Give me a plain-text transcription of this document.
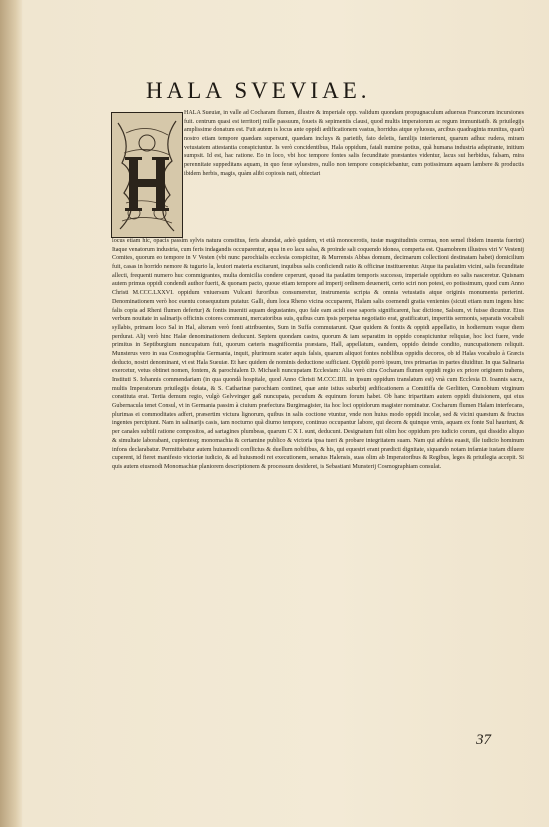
HALA SVEVIAE.

HALA Sueuiæ, in valle ad Cocharam flumen, illustre & imperiale opp. validum quondam propugnaculum aduersus Francorum incursiones fuit. centrum quasi est territorij mille passuum, foueis & sepimentis clausi, quod multis imperatorum ac regum immunitatib. & priuilegijs amplissime donatum est. Fuit autem is locus ante oppidi ædificationem vastus, horridus atque syluosus, arcibus quadraginta munitus, quarũ nostro etiam tempore quædam supersunt, quædam incluys & parietib, fato deletis, familijs interierunt, quarum adhuc rudera, miram vetustatem attestantia conspiciuntur. Is verò concidentibus, Hala oppidum, fatali numine potius, quã humana industria adspirante, initium sumpsit. Id est, hac ratione. Eo in loco, vbi hoc tempore fontes salis fecunditate præstantes videntur, lacus sui herbidus, falsam, mira perennitate suppeditans aquam, in quo feræ syluestres, nullo non tempore conspiciebantur, cum potissimum aquam lambere & productis ibidem herbis, magis, quàm alibi copiosis nati, obiectari

locus etiam hic, opacis passim sylvis natura constitus, feris abundat, adeò quidem, vt etiã monocerotis, iustæ magnitudinis cornua, non semel ibidem inuenta fuerint) Itaque venatorum industria, cum feris indagandis occuparentur, aqua in eo lacu salsa, & proinde sali coquendo idonea, comperta est. Quamobrem illustres viri V Vestenij Comites, quorum eo tempore in V Vesten (vbi nunc parochialis ecclesia conspicitur, & Murrensis Abbas domum, decimarum collectioni destinatam habet) domicilium fuit, casas in horrido nemore & tugurio la, leuiori materia excitarunt, inquibus salis conficiendi ratio & officinæ instituerentur. Atque ita paulatim vicini, salis fecunditate allecti, frequenti numero huc commigrantes, multa domicilia condere ceperunt, quoad ita paulatim temporis successu, imperiale oppidum eo salis nasceretur. Quisnam autem primus oppidi condendi author fuerit, & quonam pacto, quoue etiam tempore ad imperij ordinem deuenerit, certo sciri non potest, eo potissimum, quod cum Anno Christi M.CCC.LXXVI. oppidum vniuersum Vulcani furoribus consumeretur, instrumenta scripta & omnia vetustatis atque originis monumenta perierint. Denominationem verò hoc euentu consequutum putatur. Galli, dum loca Rheno vicina occuparent, Halam salis coemendi gratia venientes (sicuti etiam num ingens hinc falis copia ad Rheni flumen defertur) & fontis inueniti aquam degustantes, quo fale eam acidi esse saporis significarent, hac dictione, Salsum, vt fuisse dicuntur. Eius verbum nouitate in salinarijs officinis cotores communi, mercatoribus suis, quibus cum ipsis perpetua negotiatio erat, gratificaturi, imperitis sermonis, separatis vocabuli syllabis, primam loco Sal in Hal, alteram verò fonti attribuentes, Sum in Suffa commutarunt. Quæ quidem & fontis & oppidi appellatio, in hodiernum vsque diem perdurat. Alij verò hinc Halæ denominationem deducunt. Septem quondam castra, quorum & iam separatim in oppido conspiciuntur reliquiæ, hoc loci fuere, vnde primitus in Septiburgium nuncupatum fuit, quorum cæteris magnificentia præstans, Hall, appellatum, eandem, oppido deinde condito, nuncupationem reliquit. Munsterus vero in sua Cosmographia Germania, inquit, plurimum scater aquis falsis, quarum aliquot fontes nobilibus oppidis decoros, ob id Halas vocabulo à Græcis deducto, nostri denominant, vt est Hala Sueuiæ. Et hæc quidem de nominis deductione sufficiant. Oppidũ porrò ipsum, tres primarias in partes diuiditur. In qua Salinaria exercetur, vetus obtinet nomen, fontem, & parochialem D. Michaeli nuncupatam Ecclesiam: Alia verò citra Cocharam flumen oppidi regio ex priore originem trahens, Instituti S. Iohannis commendariam (in qua quondã hospitale, quod Anno Christi M.CCC.IIII. in ipsum oppidum translatum est) vnà cum Ecclesia D. Ioannis sacra, multis Imperatorum priuilegijs dotata, & S. Catharinæ parochiam continet, quæ ante istius suburbij ædificationem a Comitiffa de Gerlitten, Cœnobium virginum constituta erat. Tertia demum regio, vulgò Gelvvinger gaß nuncupata, pecudum & equinum forum habet. Ob hanc tripartitam autem oppidi diuisionem, qui eius Gubernacula tenet Consul, vt in Germania passim à ciuium præfectura Burgimagister, ita hoc loci oppidorum magister nominatur. Cocharum flumen Halam interfecans, plurimas ei commoditates adfert, præsertim victura lignorum, quibus in salis coctione vtuntur, vnde non huius modo oppidi incolæ, sed & vicini quæstum & fructus ingentes percipiunt. Nam in salinarijs casis, tam nocturno quã diurno tempore, continuo occupantur labore, qui decem & quinque vrnis, aquam ex fonte Sul hauriunt, & per canales subtili ratione compositos, ad sartagines plumbeas, quarum C X I. sunt, deducunt. Designatum fuit olim hoc oppidum pro iudicio corum, qui dissidio aliquo & simultate laborabant, cupientesq; monomachia & certamine publico & victoria ipsa tueri & probare integritatem suam. Nam qui athleta euasit, ille iudicio hominum infons declarabatur. Permittebatur autem huiusmodi conflictus & duellum nobilibus, & his, qui equestri erant prædicti dignitate, siquando notam infamiæ iustam diluere cuperent, id fieret manifesto victoriæ iudicio, & ad huiusmodi rei executionem, senatus Halensis, suas olim ab Imperatoribus & Regibus, leges & priuilegia accepit. Si quis autem eiusmodi Monomachiæ planiorem descriptionem & processum desideret, is Sebastiani Munsterij Cosmographiam consulat.

37
